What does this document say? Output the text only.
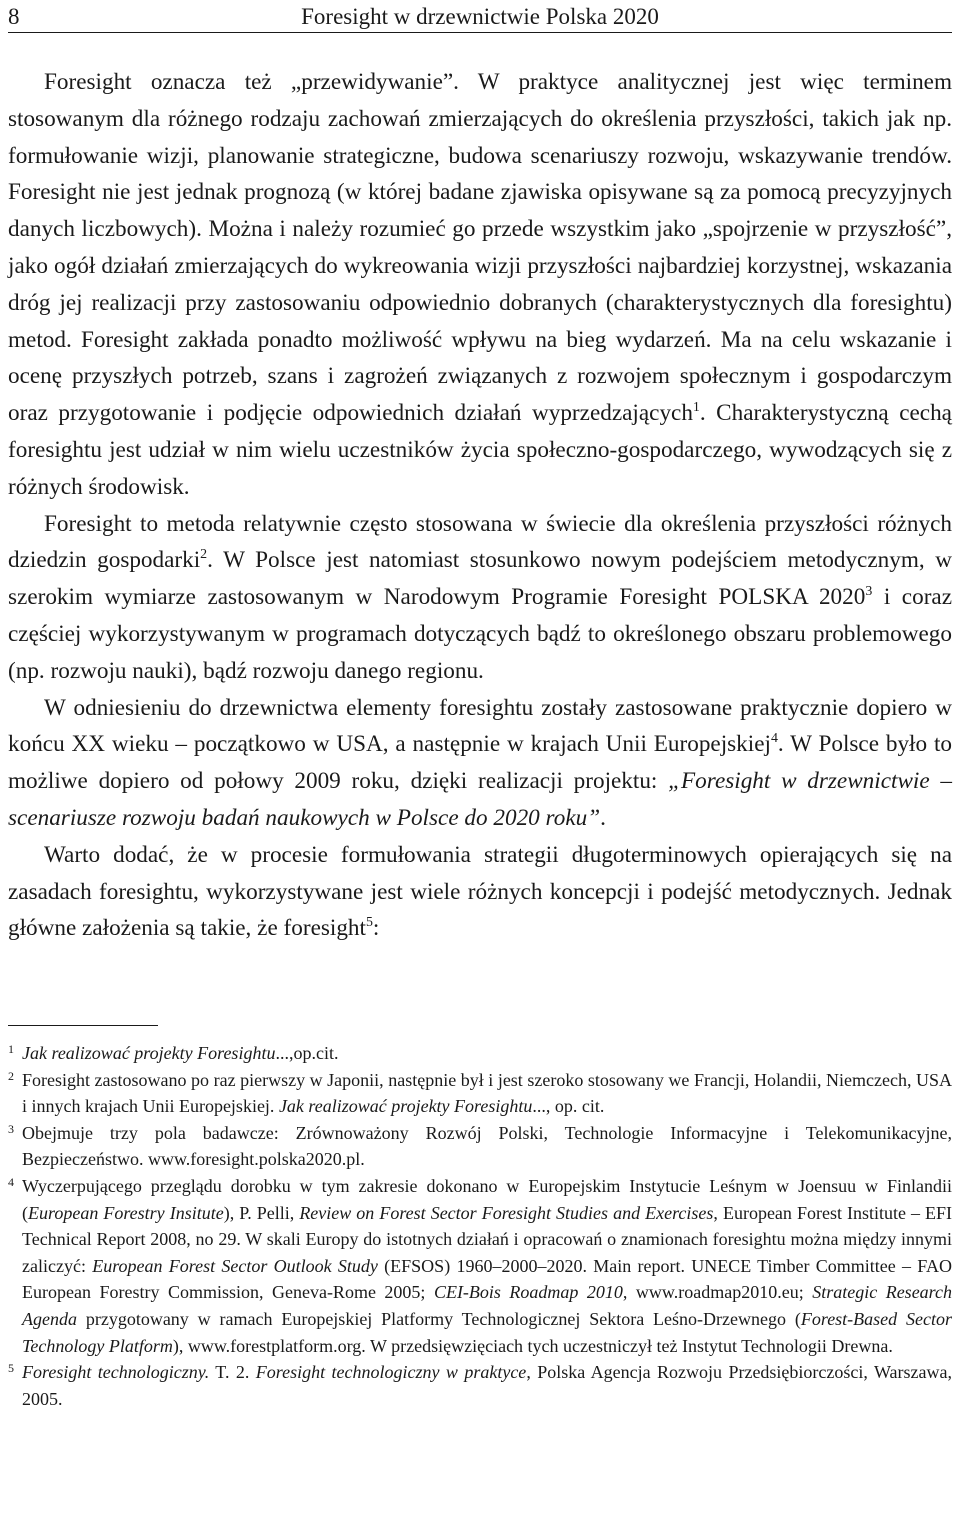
8	Foresight w drzewnictwie Polska 2020

Foresight oznacza też „przewidywanie”. W praktyce analitycznej jest więc terminem stosowanym dla różnego rodzaju zachowań zmierzających do określenia przyszłości, takich jak np. formułowanie wizji, planowanie strategiczne, budowa scenariuszy rozwoju, wskazywanie trendów. Foresight nie jest jednak prognozą (w której badane zjawiska opisywane są za pomocą precyzyjnych danych liczbowych). Można i należy rozumieć go przede wszystkim jako „spojrzenie w przyszłość”, jako ogół działań zmierzających do wykreowania wizji przyszłości najbardziej korzystnej, wskazania dróg jej realizacji przy zastosowaniu odpowiednio dobranych (charakterystycznych dla foresightu) metod. Foresight zakłada ponadto możliwość wpływu na bieg wydarzeń. Ma na celu wskazanie i ocenę przyszłych potrzeb, szans i zagrożeń związanych z rozwojem społecznym i gospodarczym oraz przygotowanie i podjęcie odpowiednich działań wyprzedzających$^1$. Charakterystyczną cechą foresightu jest udział w nim wielu uczestników życia społeczno-gospodarczego, wywodzących się z różnych środowisk.

Foresight to metoda relatywnie często stosowana w świecie dla określenia przyszłości różnych dziedzin gospodarki$^2$. W Polsce jest natomiast stosunkowo nowym podejściem metodycznym, w szerokim wymiarze zastosowanym w Narodowym Programie Foresight POLSKA 2020$^3$ i coraz częściej wykorzystywanym w programach dotyczących bądź to określonego obszaru problemowego (np. rozwoju nauki), bądź rozwoju danego regionu.

W odniesieniu do drzewnictwa elementy foresightu zostały zastosowane praktycznie dopiero w końcu XX wieku – początkowo w USA, a następnie w krajach Unii Europejskiej$^4$. W Polsce było to możliwe dopiero od połowy 2009 roku, dzięki realizacji projektu: „Foresight w drzewnictwie – scenariusze rozwoju badań naukowych w Polsce do 2020 roku”.

Warto dodać, że w procesie formułowania strategii długoterminowych opierających się na zasadach foresightu, wykorzystywane jest wiele różnych koncepcji i podejść metodycznych. Jednak główne założenia są takie, że foresight$^5$:

1 Jak realizować projekty Foresightu...,op.cit.

2 Foresight zastosowano po raz pierwszy w Japonii, następnie był i jest szeroko stosowany we Francji, Holandii, Niemczech, USA i innych krajach Unii Europejskiej. Jak realizować projekty Foresightu..., op. cit.

3 Obejmuje trzy pola badawcze: Zrównoważony Rozwój Polski, Technologie Informacyjne i Telekomunikacyjne, Bezpieczeństwo. www.foresight.polska2020.pl.

4 Wyczerpującego przeglądu dorobku w tym zakresie dokonano w Europejskim Instytucie Leśnym w Joensuu w Finlandii (European Forestry Insitute), P. Pelli, Review on Forest Sector Foresight Studies and Exercises, European Forest Institute – EFI Technical Report 2008, no 29. W skali Europy do istotnych działań i opracowań o znamionach foresightu można między innymi zaliczyć: European Forest Sector Outlook Study (EFSOS) 1960–2000–2020. Main report. UNECE Timber Committee – FAO European Forestry Commission, Geneva-Rome 2005; CEI-Bois Roadmap 2010, www.roadmap2010.eu; Strategic Research Agenda przygotowany w ramach Europejskiej Platformy Technologicznej Sektora Leśno-Drzewnego (Forest-Based Sector Technology Platform), www.forestplatform.org. W przedsięwzięciach tych uczestniczył też Instytut Technologii Drewna.

5 Foresight technologiczny. T. 2. Foresight technologiczny w praktyce, Polska Agencja Rozwoju Przedsiębiorczości, Warszawa, 2005.
